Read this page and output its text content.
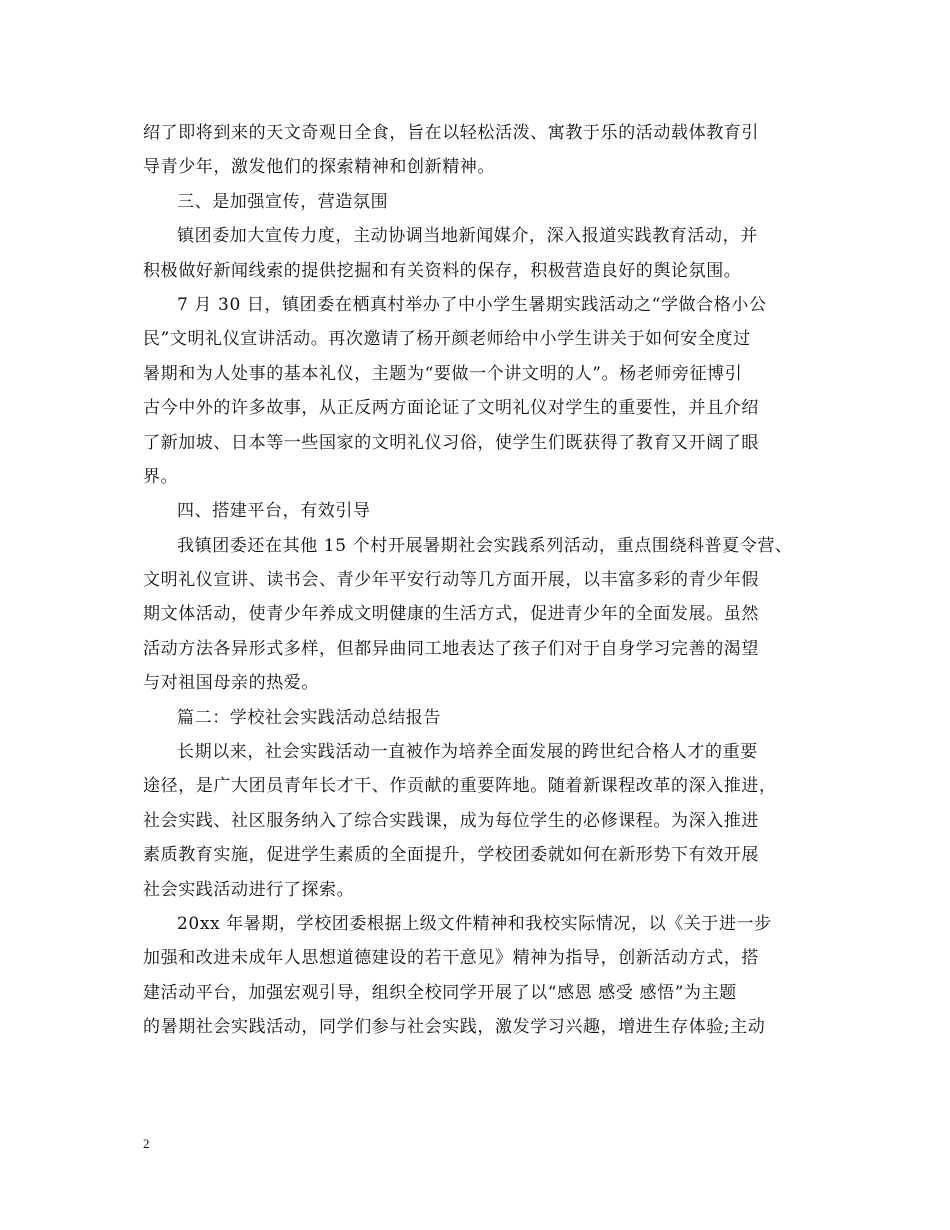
绍了即将到来的天文奇观日全食，旨在以轻松活泼、寓教于乐的活动载体教育引
导青少年，激发他们的探索精神和创新精神。
三、是加强宣传，营造氛围
镇团委加大宣传力度，主动协调当地新闻媒介，深入报道实践教育活动，并
积极做好新闻线索的提供挖掘和有关资料的保存，积极营造良好的舆论氛围。
7 月 30 日，镇团委在栖真村举办了中小学生暑期实践活动之“学做合格小公
民”文明礼仪宣讲活动。再次邀请了杨开颜老师给中小学生讲关于如何安全度过
暑期和为人处事的基本礼仪，主题为“要做一个讲文明的人”。杨老师旁征博引
古今中外的许多故事，从正反两方面论证了文明礼仪对学生的重要性，并且介绍
了新加坡、日本等一些国家的文明礼仪习俗，使学生们既获得了教育又开阔了眼
界。
四、搭建平台，有效引导
我镇团委还在其他 15 个村开展暑期社会实践系列活动，重点围绕科普夏令营、
文明礼仪宣讲、读书会、青少年平安行动等几方面开展，以丰富多彩的青少年假
期文体活动，使青少年养成文明健康的生活方式，促进青少年的全面发展。虽然
活动方法各异形式多样，但都异曲同工地表达了孩子们对于自身学习完善的渴望
与对祖国母亲的热爱。
篇二：学校社会实践活动总结报告
长期以来，社会实践活动一直被作为培养全面发展的跨世纪合格人才的重要
途径，是广大团员青年长才干、作贡献的重要阵地。随着新课程改革的深入推进，
社会实践、社区服务纳入了综合实践课，成为每位学生的必修课程。为深入推进
素质教育实施，促进学生素质的全面提升，学校团委就如何在新形势下有效开展
社会实践活动进行了探索。
20xx 年暑期，学校团委根据上级文件精神和我校实际情况，以《关于进一步
加强和改进未成年人思想道德建设的若干意见》精神为指导，创新活动方式，搭
建活动平台，加强宏观引导，组织全校同学开展了以“感恩 感受 感悟”为主题
的暑期社会实践活动，同学们参与社会实践，激发学习兴趣，增进生存体验;主动
2
